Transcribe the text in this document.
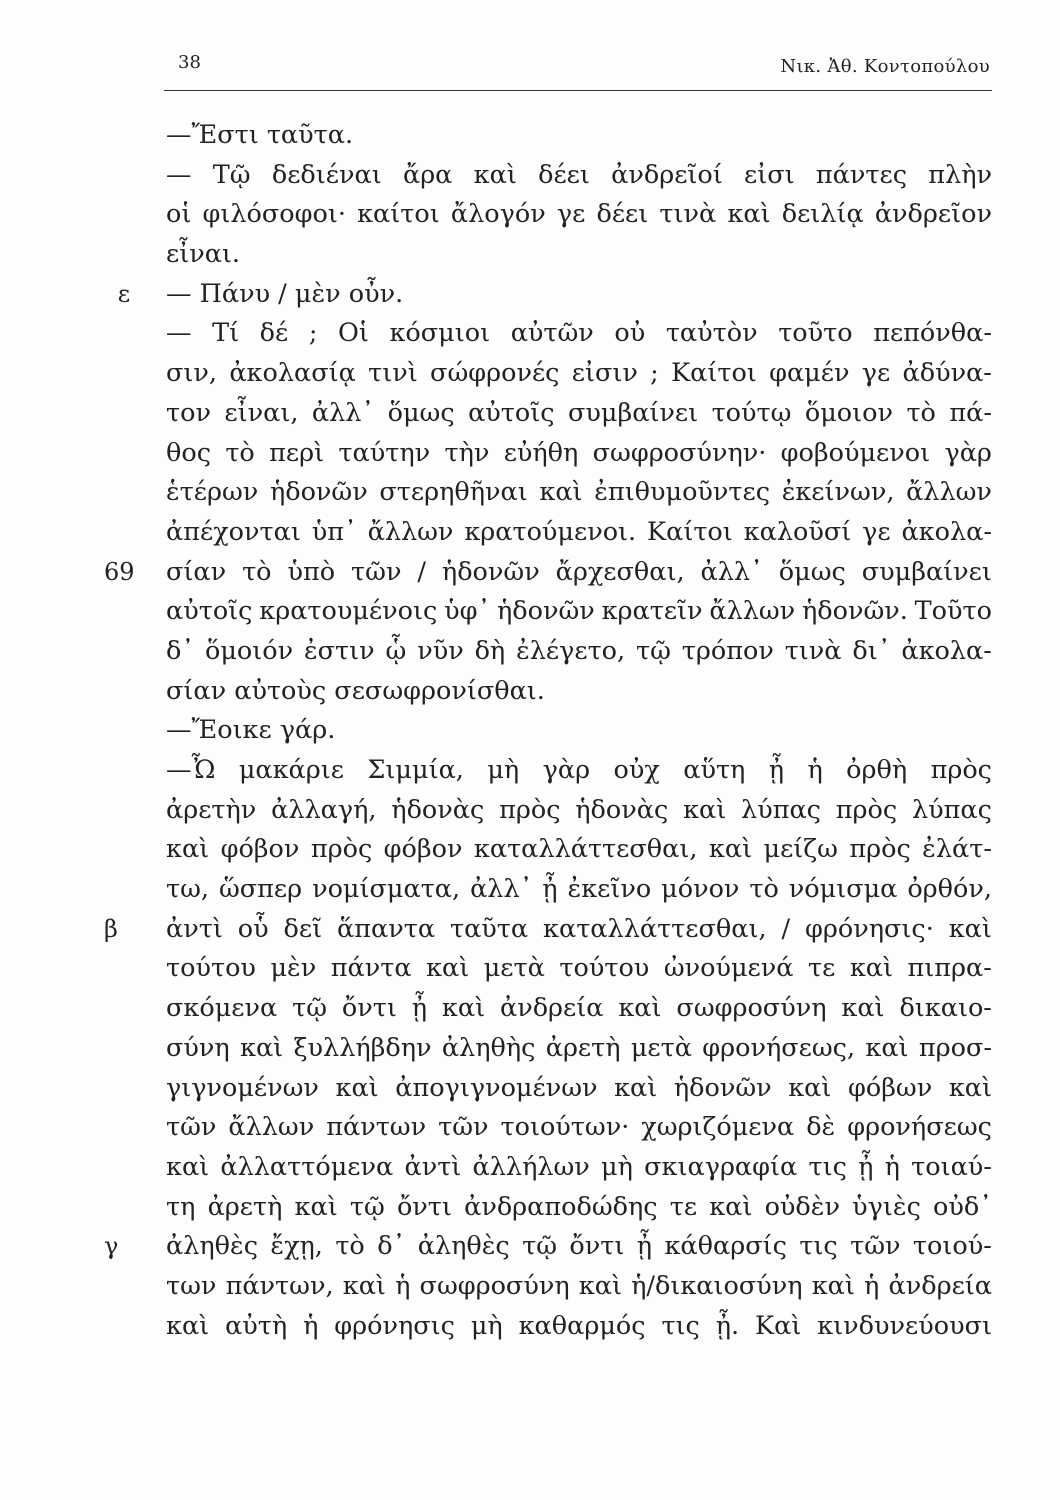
38	Νικ. Ἀθ. Κοντοπούλου
—Ἔστι ταῦτα.
— Τῷ δεδιέναι ἄρα καὶ δέει ἀνδρεῖοί εἰσι πάντες πλὴν
οἱ φιλόσοφοι· καίτοι ἄλογόν γε δέει τινὰ καὶ δειλίᾳ ἀνδρεῖον
εἶναι.
ε	— Πάνυ / μὲν οὖν.
— Τί δέ ; Οἱ κόσμιοι αὐτῶν οὐ ταὐτὸν τοῦτο πεπόνθα-
σιν, ἀκολασίᾳ τινὶ σώφρονές εἰσιν ; Καίτοι φαμέν γε ἀδύνα-
τον εἶναι, ἀλλ᾽ ὅμως αὐτοῖς συμβαίνει τούτῳ ὅμοιον τὸ πά-
θος τὸ περὶ ταύτην τὴν εὐήθη σωφροσύνην· φοβούμενοι γὰρ
ἑτέρων ἡδονῶν στερηθῆναι καὶ ἐπιθυμοῦντες ἐκείνων, ἄλλων
ἀπέχονται ὑπ᾽ ἄλλων κρατούμενοι. Καίτοι καλοῦσί γε ἀκολα-
69	σίαν τὸ ὑπὸ τῶν / ἡδονῶν ἄρχεσθαι, ἀλλ᾽ ὅμως συμβαίνει
αὐτοῖς κρατουμένοις ὑφ᾽ ἡδονῶν κρατεῖν ἄλλων ἡδονῶν. Τοῦτο
δ᾽ ὅμοιόν ἐστιν ᾧ νῦν δὴ ἐλέγετο, τῷ τρόπον τινὰ δι᾽ ἀκολα-
σίαν αὐτοὺς σεσωφρονίσθαι.
—Ἔοικε γάρ.
—Ὦ μακάριε Σιμμία, μὴ γὰρ οὐχ αὕτη ᾖ ἡ ὀρθὴ πρὸς
ἀρετὴν ἀλλαγή, ἡδονὰς πρὸς ἡδονὰς καὶ λύπας πρὸς λύπας
καὶ φόβον πρὸς φόβον καταλλάττεσθαι, καὶ μείζω πρὸς ἐλάτ-
τω, ὥσπερ νομίσματα, ἀλλ᾽ ᾖ ἐκεῖνο μόνον τὸ νόμισμα ὀρθόν,
β	ἀντὶ οὗ δεῖ ἅπαντα ταῦτα καταλλάττεσθαι, / φρόνησις· καὶ
τούτου μὲν πάντα καὶ μετὰ τούτου ὠνούμενά τε καὶ πιπρα-
σκόμενα τῷ ὄντι ᾖ καὶ ἀνδρεία καὶ σωφροσύνη καὶ δικαιο-
σύνη καὶ ξυλλήβδην ἀληθὴς ἀρετὴ μετὰ φρονήσεως, καὶ προσ-
γιγνομένων καὶ ἀπογιγνομένων καὶ ἡδονῶν καὶ φόβων καὶ
τῶν ἄλλων πάντων τῶν τοιούτων· χωριζόμενα δὲ φρονήσεως
καὶ ἀλλαττόμενα ἀντὶ ἀλλήλων μὴ σκιαγραφία τις ᾖ ἡ τοιαύ-
τη ἀρετὴ καὶ τῷ ὄντι ἀνδραποδώδης τε καὶ οὐδὲν ὑγιὲς οὐδ᾽
γ	ἀληθὲς ἔχῃ, τὸ δ᾽ ἀληθὲς τῷ ὄντι ᾖ κάθαρσίς τις τῶν τοιού-
των πάντων, καὶ ἡ σωφροσύνη καὶ ἡ/δικαιοσύνη καὶ ἡ ἀνδρεία
καὶ αὐτὴ ἡ φρόνησις μὴ καθαρμός τις ᾖ. Καὶ κινδυνεύουσι
